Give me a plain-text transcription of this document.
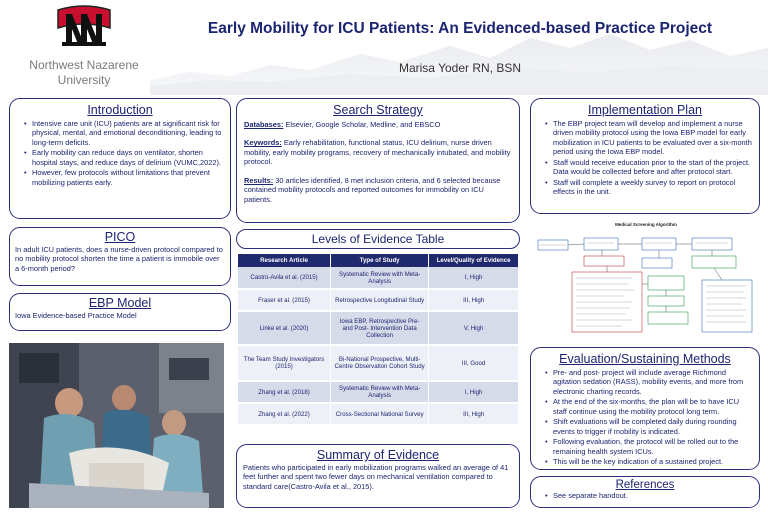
Northwest Nazarene
University
Early Mobility for ICU Patients: An Evidenced-based Practice Project
Marisa Yoder RN, BSN
Introduction
• Intensive care unit (ICU) patients are at significant risk for physical, mental, and emotional deconditioning, leading to long-term deficits.
• Early mobility can reduce days on ventilator, shorten hospital stays, and reduce days of delirium (VUMC,2022).
• However, few protocols without limitations that prevent mobilizing patients early.
PICO
In adult ICU patients, does a nurse-driven protocol compared to no mobility protocol shorten the time a patient is immobile over a 6-month period?
EBP Model
Iowa Evidence-based Practice Model
Search Strategy
Databases: Elsevier, Google Scholar, Medline, and EBSCO
Keywords: Early rehabilitation, functional status, ICU delirium, nurse driven mobility, early mobility programs, recovery of mechanically intubated, and mobility protocol.
Results: 30 articles identified, 8 met inclusion criteria, and 6 selected because contained mobility protocols and reported outcomes for immobility on ICU patients.
Levels of Evidence Table
Research Article	Type of Study	Level/Quality of Evidence
Castro-Avila et al. (2015)	Systematic Review with Meta-Analysis	I, High
Fraser et al. (2015)	Retrospective Longitudinal Study	III, High
Linke et al. (2020)	Iowa EBP, Retrospective Pre- and Post- Intervention Data Collection	V, High
The Team Study Investigators (2015)	Bi-National Prospective, Multi-Centre Observation Cohort Study	III, Good
Zhang et al. (2018)	Systematic Review with Meta-Analysis	I, High
Zhang et al. (2022)	Cross-Sectional National Survey	III, High
Summary of Evidence
Patients who participated in early mobilization programs walked an average of 41 feet further and spent two fewer days on mechanical ventilation compared to standard care(Castro-Avila et al., 2015).
Implementation Plan
• The EBP project team will develop and implement a nurse driven mobility protocol using the Iowa EBP model for early mobilization in ICU patients to be evaluated over a six-month period using the Iowa EBP model.
• Staff would receive education prior to the start of the project. Data would be collected before and after protocol start.
• Staff will complete a weekly survey to report on protocol effects in the unit.
Medical Screening Algorithm
Evaluation/Sustaining Methods
• Pre- and post- project will include average Richmond agitation sedation (RASS), mobility events, and more from electronic charting records.
• At the end of the six-months, the plan will be to have ICU staff continue using the mobility protocol long term.
• Shift evaluations will be completed daily during rounding events to trigger if mobility is indicated.
• Following evaluation, the protocol will be rolled out to the remaining health system ICUs.
• This will be the key indication of a sustained project.
References
• See separate handout.
